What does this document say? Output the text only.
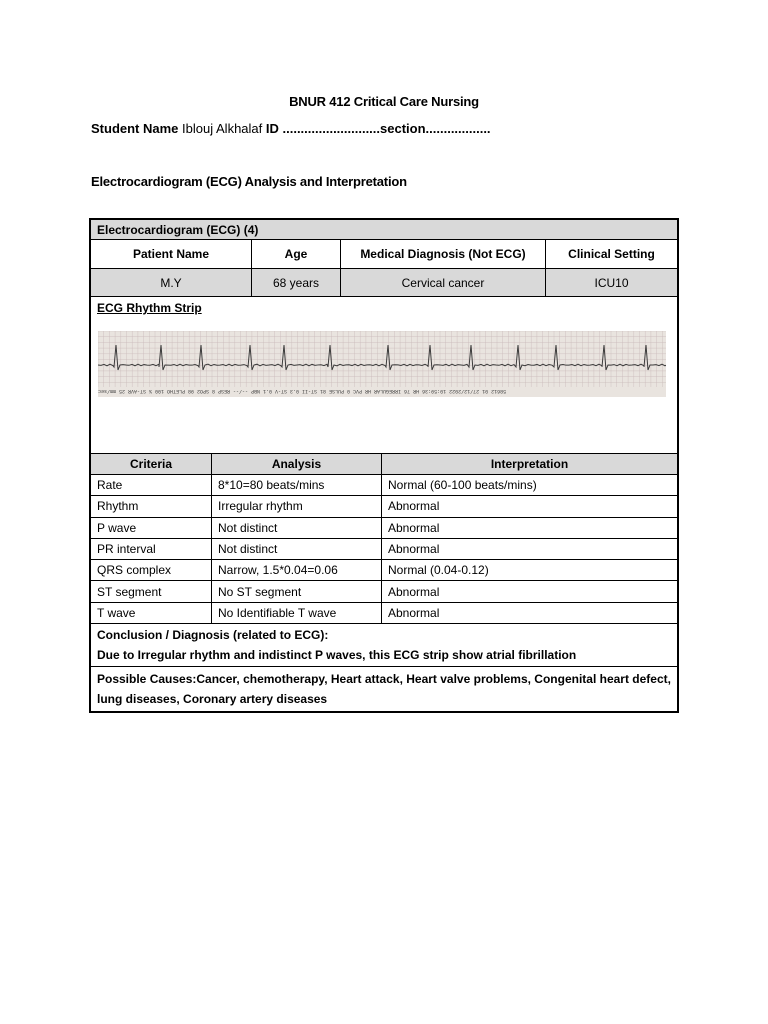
BNUR 412 Critical Care Nursing
Student Name Iblouj Alkhalaf ID ...........................section..................
Electrocardiogram (ECG) Analysis and Interpretation
Electrocardiogram (ECG) (4)
Patient Name	Age	Medical Diagnosis (Not ECG)	Clinical Setting
M.Y	68 years	Cervical cancer	ICU10
ECG Rhythm Strip
58612 01 27/12/2022 10:59:36 HR 76 IRREGULAR HR PVC 0 PULSE 81 ST-II 0.3 ST-V 0.1 NBP --/-- RESP 8 SPO2 98 PLETHO 100 % ST-AVR 25 mm/sec
Criteria	Analysis	Interpretation
Rate	8*10=80 beats/mins	Normal (60-100 beats/mins)
Rhythm	Irregular rhythm	Abnormal
P wave	Not distinct	Abnormal
PR interval	Not distinct	Abnormal
QRS complex	Narrow, 1.5*0.04=0.06	Normal (0.04-0.12)
ST segment	No ST segment	Abnormal
T wave	No Identifiable T wave	Abnormal
Conclusion / Diagnosis (related to ECG):
Due to Irregular rhythm and indistinct P waves, this ECG strip show atrial fibrillation
Possible Causes:Cancer, chemotherapy, Heart attack, Heart valve problems, Congenital heart defect, lung diseases, Coronary artery diseases
